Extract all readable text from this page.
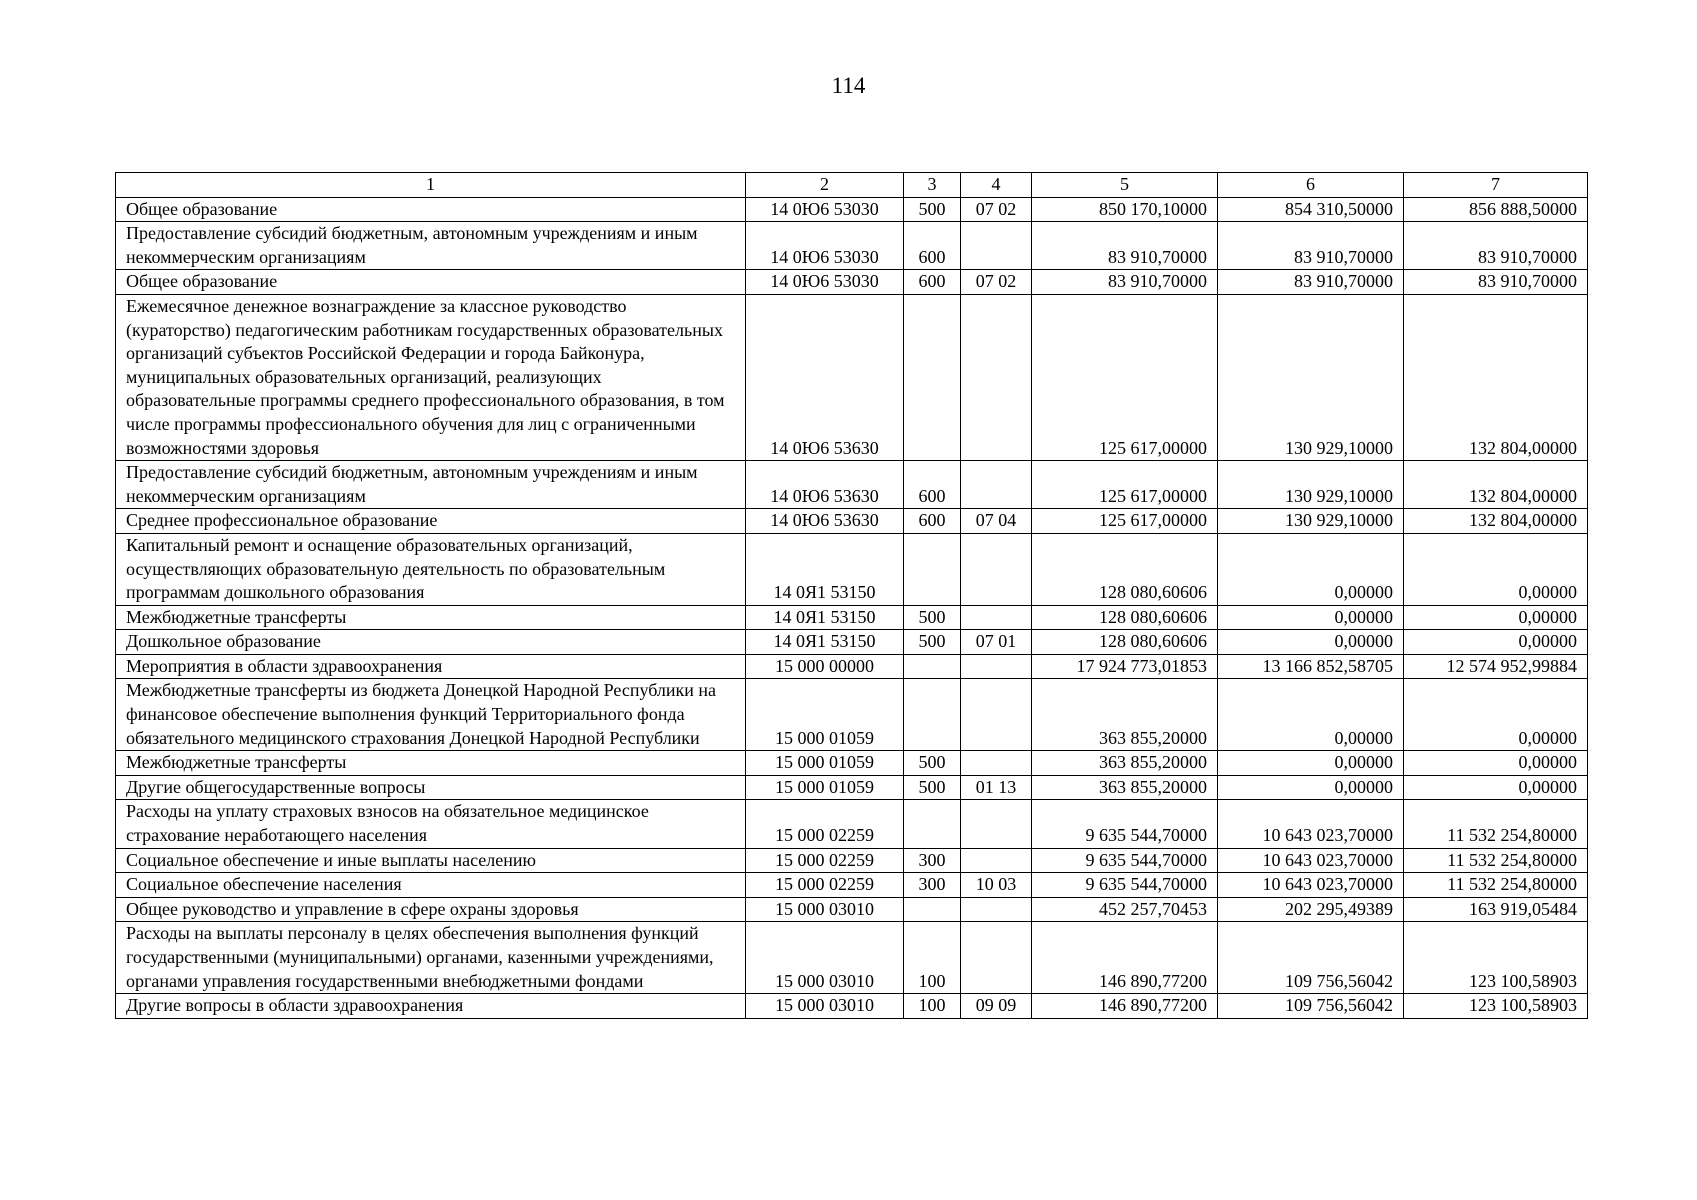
114
1	2	3	4	5	6	7
Общее образование	14 0Ю6 53030	500	07 02	850 170,10000	854 310,50000	856 888,50000
Предоставление субсидий бюджетным, автономным учреждениям и иным некоммерческим организациям	14 0Ю6 53030	600		83 910,70000	83 910,70000	83 910,70000
Общее образование	14 0Ю6 53030	600	07 02	83 910,70000	83 910,70000	83 910,70000
Ежемесячное денежное вознаграждение за классное руководство (кураторство) педагогическим работникам государственных образовательных организаций субъектов Российской Федерации и города Байконура, муниципальных образовательных организаций, реализующих образовательные программы среднего профессионального образования, в том числе программы профессионального обучения для лиц с ограниченными возможностями здоровья	14 0Ю6 53630			125 617,00000	130 929,10000	132 804,00000
Предоставление субсидий бюджетным, автономным учреждениям и иным некоммерческим организациям	14 0Ю6 53630	600		125 617,00000	130 929,10000	132 804,00000
Среднее профессиональное образование	14 0Ю6 53630	600	07 04	125 617,00000	130 929,10000	132 804,00000
Капитальный ремонт и оснащение образовательных организаций, осуществляющих образовательную деятельность по образовательным программам дошкольного образования	14 0Я1 53150			128 080,60606	0,00000	0,00000
Межбюджетные трансферты	14 0Я1 53150	500		128 080,60606	0,00000	0,00000
Дошкольное образование	14 0Я1 53150	500	07 01	128 080,60606	0,00000	0,00000
Мероприятия в области здравоохранения	15 000 00000			17 924 773,01853	13 166 852,58705	12 574 952,99884
Межбюджетные трансферты из бюджета Донецкой Народной Республики на финансовое обеспечение выполнения функций Территориального фонда обязательного медицинского страхования Донецкой Народной Республики	15 000 01059			363 855,20000	0,00000	0,00000
Межбюджетные трансферты	15 000 01059	500		363 855,20000	0,00000	0,00000
Другие общегосударственные вопросы	15 000 01059	500	01 13	363 855,20000	0,00000	0,00000
Расходы на уплату страховых взносов на обязательное медицинское страхование неработающего населения	15 000 02259			9 635 544,70000	10 643 023,70000	11 532 254,80000
Социальное обеспечение и иные выплаты населению	15 000 02259	300		9 635 544,70000	10 643 023,70000	11 532 254,80000
Социальное обеспечение населения	15 000 02259	300	10 03	9 635 544,70000	10 643 023,70000	11 532 254,80000
Общее руководство и управление в сфере охраны здоровья	15 000 03010			452 257,70453	202 295,49389	163 919,05484
Расходы на выплаты персоналу в целях обеспечения выполнения функций государственными (муниципальными) органами, казенными учреждениями, органами управления государственными внебюджетными фондами	15 000 03010	100		146 890,77200	109 756,56042	123 100,58903
Другие вопросы в области здравоохранения	15 000 03010	100	09 09	146 890,77200	109 756,56042	123 100,58903
